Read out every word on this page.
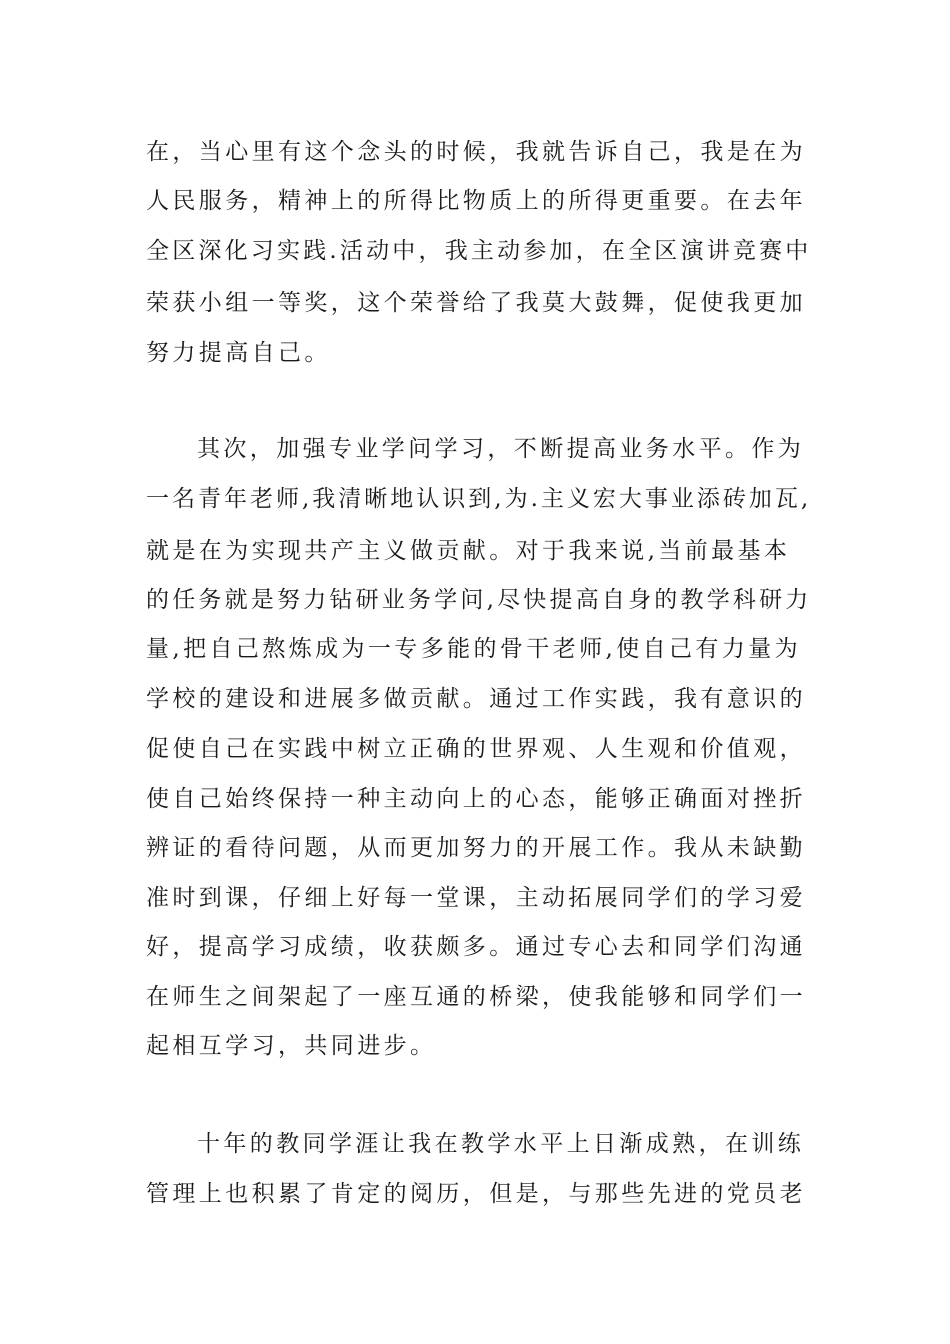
在，当心里有这个念头的时候，我就告诉自己，我是在为
人民服务，精神上的所得比物质上的所得更重要。在去年
全区深化习实践.活动中，我主动参加，在全区演讲竞赛中
荣获小组一等奖，这个荣誉给了我莫大鼓舞，促使我更加
努力提高自己。
其次，加强专业学问学习，不断提高业务水平。作为
一名青年老师,我清晰地认识到,为.主义宏大事业添砖加瓦,
就是在为实现共产主义做贡献。对于我来说,当前最基本
的任务就是努力钻研业务学问,尽快提高自身的教学科研力
量,把自己熬炼成为一专多能的骨干老师,使自己有力量为
学校的建设和进展多做贡献。通过工作实践，我有意识的
促使自己在实践中树立正确的世界观、人生观和价值观，
使自己始终保持一种主动向上的心态，能够正确面对挫折
辨证的看待问题，从而更加努力的开展工作。我从未缺勤
准时到课，仔细上好每一堂课，主动拓展同学们的学习爱
好，提高学习成绩，收获颇多。通过专心去和同学们沟通
在师生之间架起了一座互通的桥梁，使我能够和同学们一
起相互学习，共同进步。
十年的教同学涯让我在教学水平上日渐成熟，在训练
管理上也积累了肯定的阅历，但是，与那些先进的党员老
